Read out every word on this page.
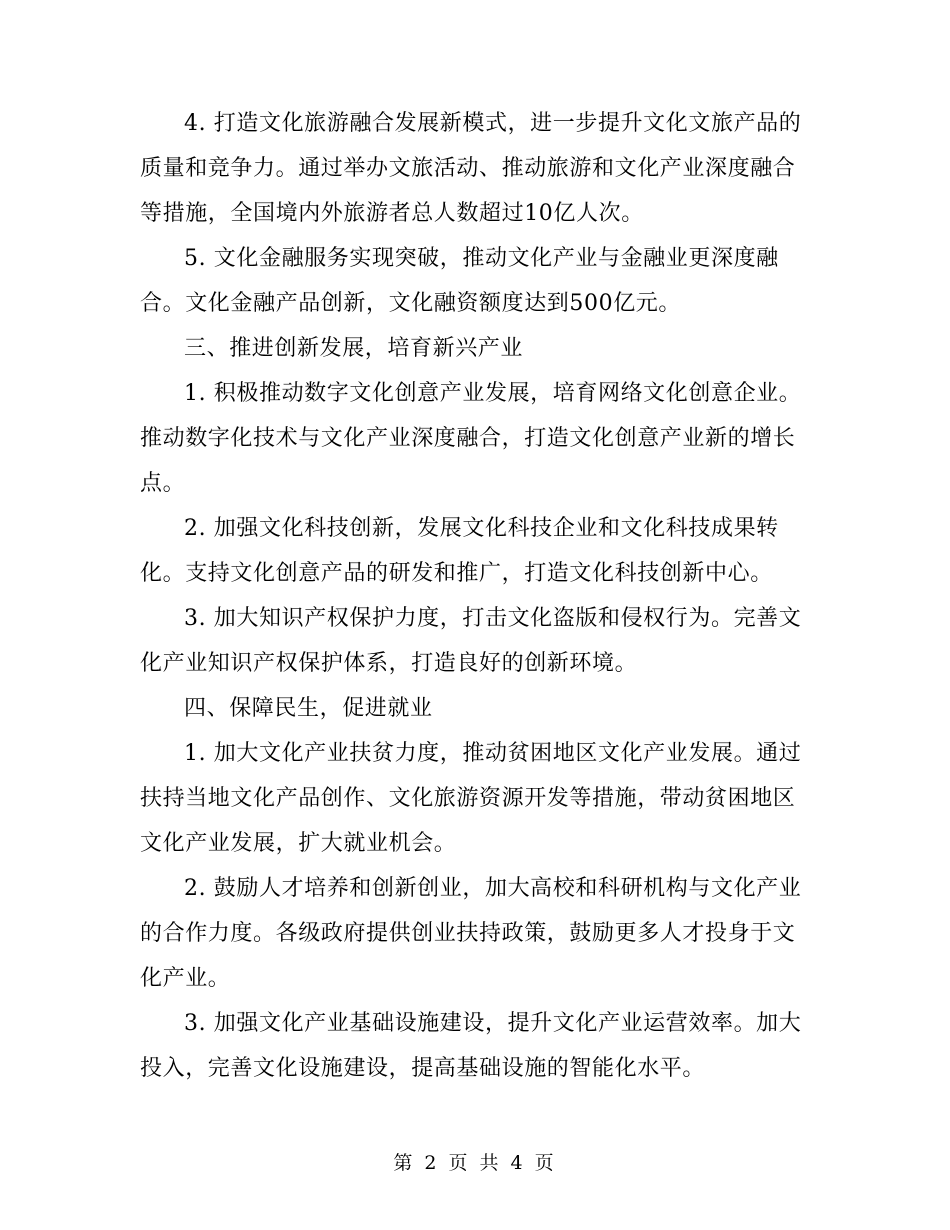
4. 打造文化旅游融合发展新模式，进一步提升文化文旅产品的质量和竞争力。通过举办文旅活动、推动旅游和文化产业深度融合等措施，全国境内外旅游者总人数超过10亿人次。

5. 文化金融服务实现突破，推动文化产业与金融业更深度融合。文化金融产品创新，文化融资额度达到500亿元。

三、推进创新发展，培育新兴产业

1. 积极推动数字文化创意产业发展，培育网络文化创意企业。推动数字化技术与文化产业深度融合，打造文化创意产业新的增长点。

2. 加强文化科技创新，发展文化科技企业和文化科技成果转化。支持文化创意产品的研发和推广，打造文化科技创新中心。

3. 加大知识产权保护力度，打击文化盗版和侵权行为。完善文化产业知识产权保护体系，打造良好的创新环境。

四、保障民生，促进就业

1. 加大文化产业扶贫力度，推动贫困地区文化产业发展。通过扶持当地文化产品创作、文化旅游资源开发等措施，带动贫困地区文化产业发展，扩大就业机会。

2. 鼓励人才培养和创新创业，加大高校和科研机构与文化产业的合作力度。各级政府提供创业扶持政策，鼓励更多人才投身于文化产业。

3. 加强文化产业基础设施建设，提升文化产业运营效率。加大投入，完善文化设施建设，提高基础设施的智能化水平。

第 2 页 共 4 页
